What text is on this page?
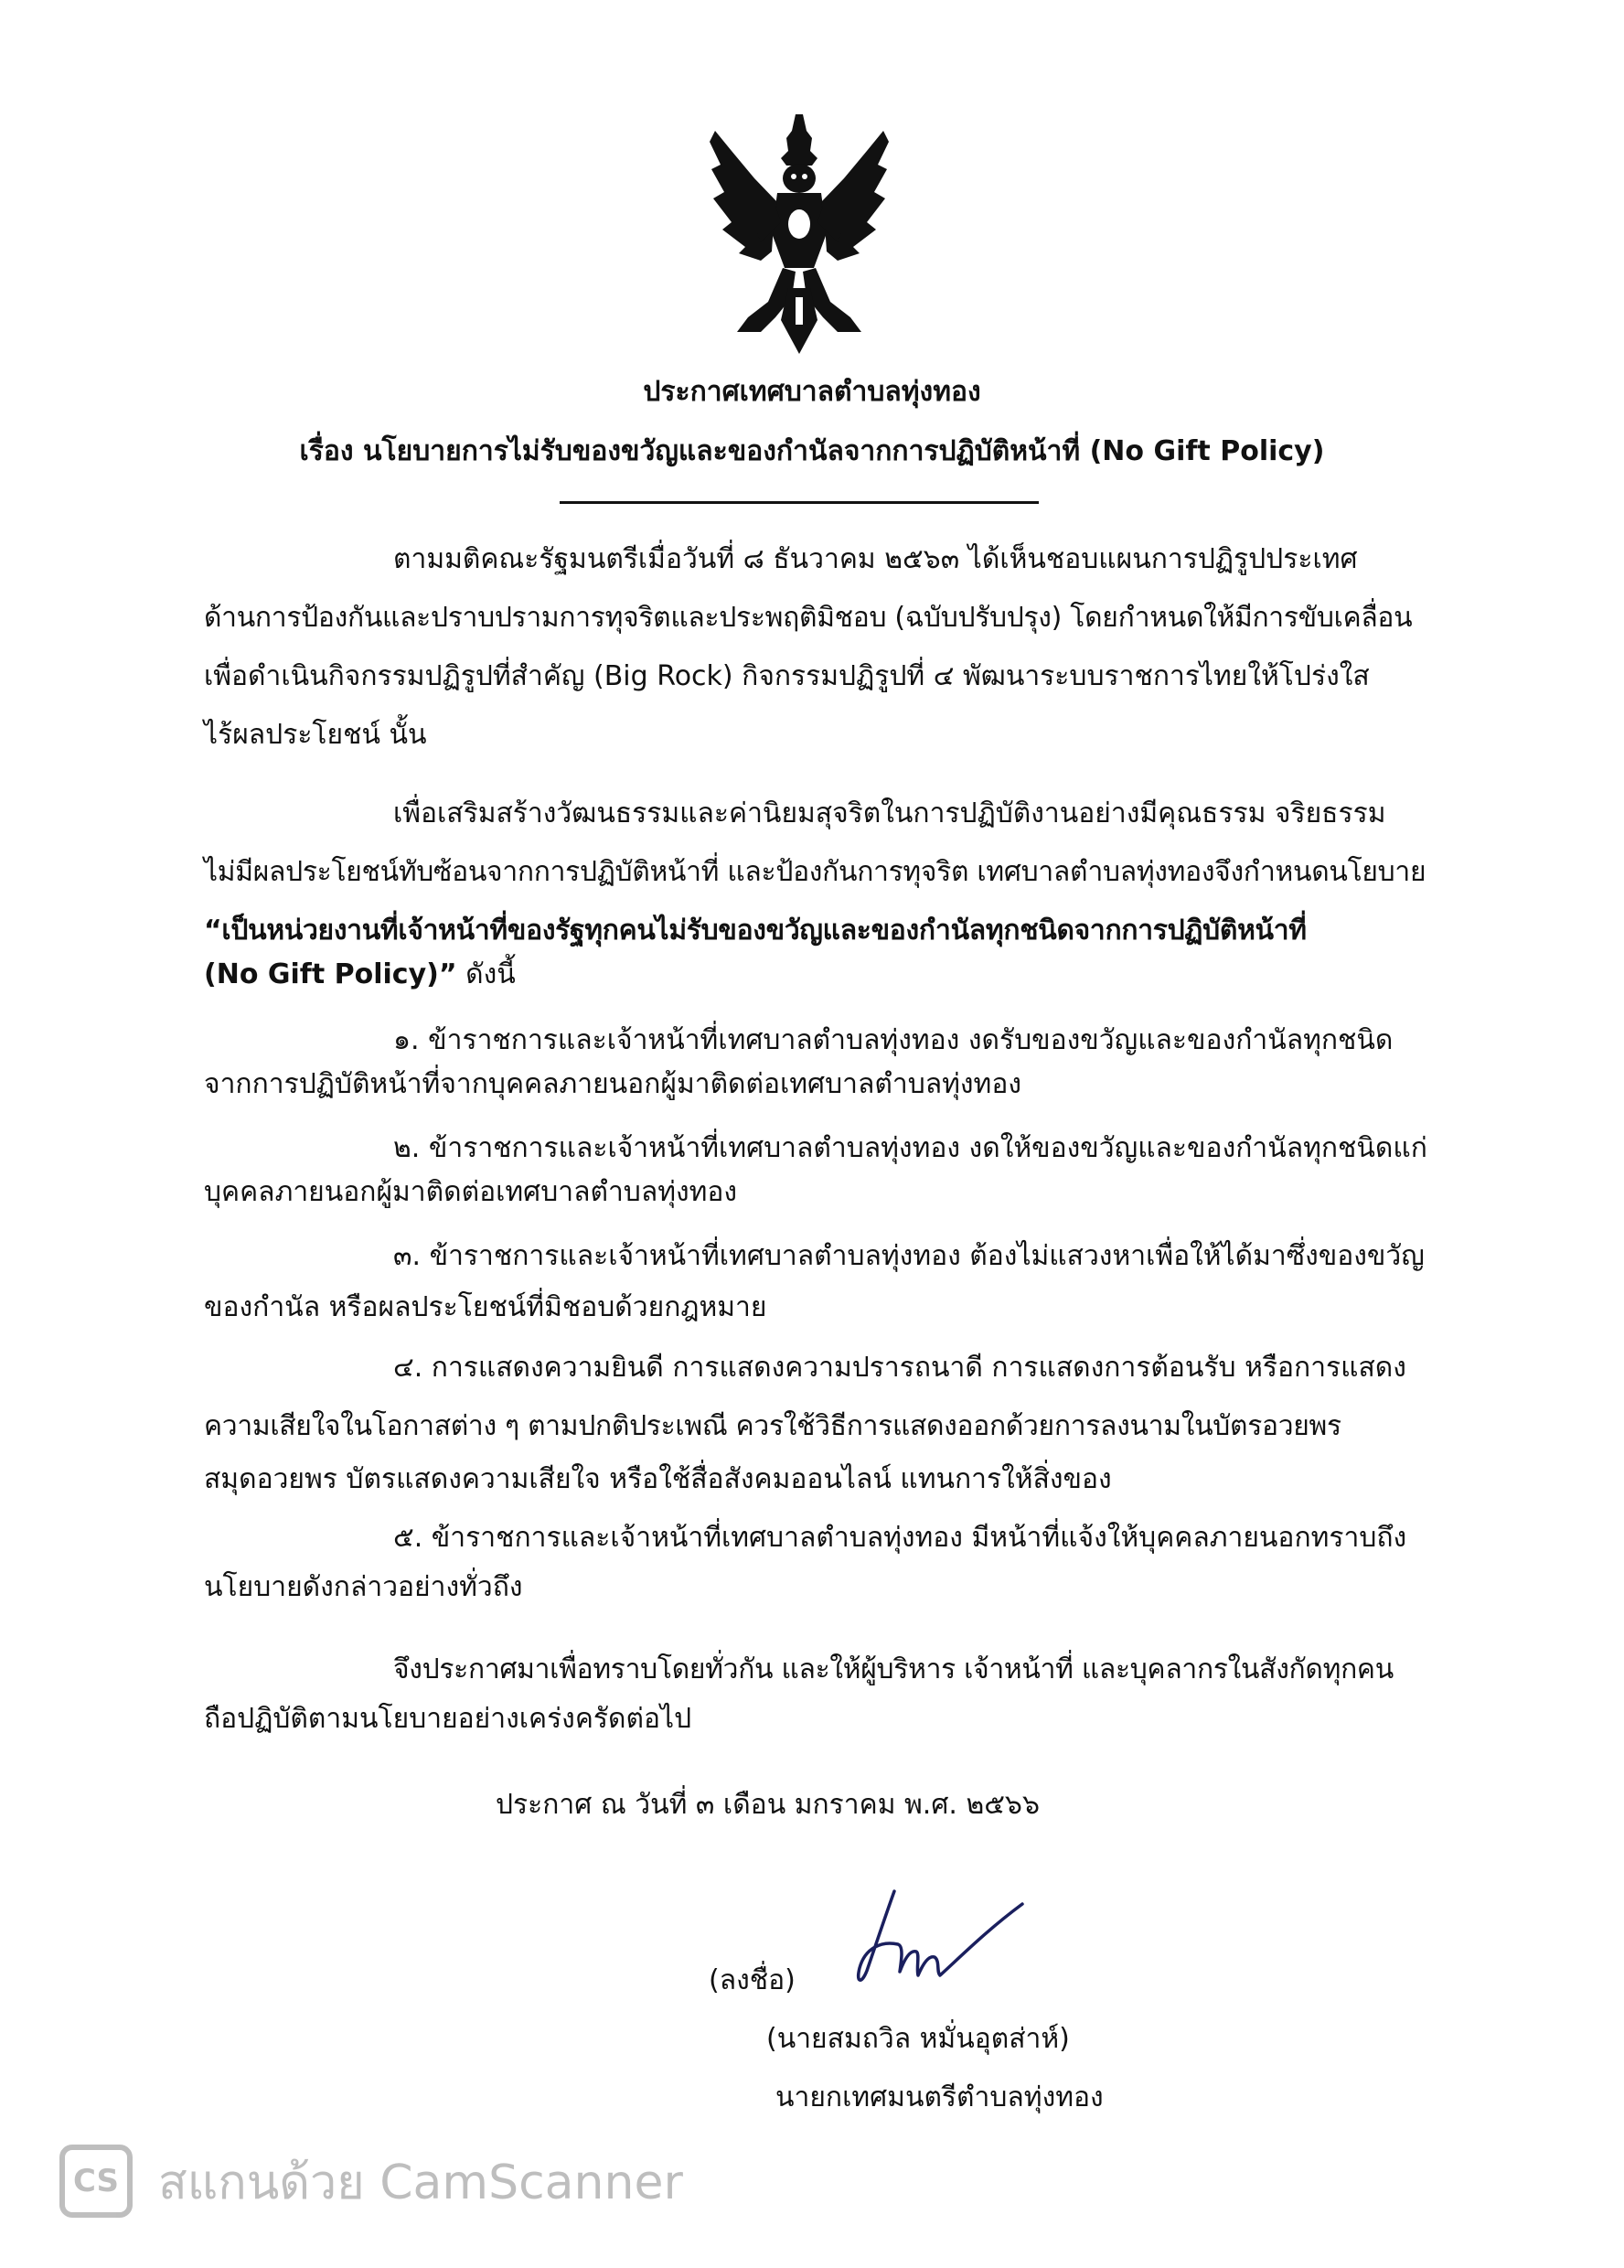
ประกาศเทศบาลตำบลทุ่งทอง
เรื่อง นโยบายการไม่รับของขวัญและของกำนัลจากการปฏิบัติหน้าที่ (No Gift Policy)
ตามมติคณะรัฐมนตรีเมื่อวันที่ ๘ ธันวาคม ๒๕๖๓ ได้เห็นชอบแผนการปฏิรูปประเทศ
ด้านการป้องกันและปราบปรามการทุจริตและประพฤติมิชอบ (ฉบับปรับปรุง) โดยกำหนดให้มีการขับเคลื่อน
เพื่อดำเนินกิจกรรมปฏิรูปที่สำคัญ (Big Rock) กิจกรรมปฏิรูปที่ ๔ พัฒนาระบบราชการไทยให้โปร่งใส
ไร้ผลประโยชน์ นั้น
เพื่อเสริมสร้างวัฒนธรรมและค่านิยมสุจริตในการปฏิบัติงานอย่างมีคุณธรรม จริยธรรม
ไม่มีผลประโยชน์ทับซ้อนจากการปฏิบัติหน้าที่ และป้องกันการทุจริต เทศบาลตำบลทุ่งทองจึงกำหนดนโยบาย
“เป็นหน่วยงานที่เจ้าหน้าที่ของรัฐทุกคนไม่รับของขวัญและของกำนัลทุกชนิดจากการปฏิบัติหน้าที่
(No Gift Policy)” ดังนี้
๑. ข้าราชการและเจ้าหน้าที่เทศบาลตำบลทุ่งทอง งดรับของขวัญและของกำนัลทุกชนิด
จากการปฏิบัติหน้าที่จากบุคคลภายนอกผู้มาติดต่อเทศบาลตำบลทุ่งทอง
๒. ข้าราชการและเจ้าหน้าที่เทศบาลตำบลทุ่งทอง งดให้ของขวัญและของกำนัลทุกชนิดแก่
บุคคลภายนอกผู้มาติดต่อเทศบาลตำบลทุ่งทอง
๓. ข้าราชการและเจ้าหน้าที่เทศบาลตำบลทุ่งทอง ต้องไม่แสวงหาเพื่อให้ได้มาซึ่งของขวัญ
ของกำนัล หรือผลประโยชน์ที่มิชอบด้วยกฎหมาย
๔. การแสดงความยินดี การแสดงความปรารถนาดี การแสดงการต้อนรับ หรือการแสดง
ความเสียใจในโอกาสต่าง ๆ ตามปกติประเพณี ควรใช้วิธีการแสดงออกด้วยการลงนามในบัตรอวยพร
สมุดอวยพร บัตรแสดงความเสียใจ หรือใช้สื่อสังคมออนไลน์ แทนการให้สิ่งของ
๕. ข้าราชการและเจ้าหน้าที่เทศบาลตำบลทุ่งทอง มีหน้าที่แจ้งให้บุคคลภายนอกทราบถึง
นโยบายดังกล่าวอย่างทั่วถึง
จึงประกาศมาเพื่อทราบโดยทั่วกัน และให้ผู้บริหาร เจ้าหน้าที่ และบุคลากรในสังกัดทุกคน
ถือปฏิบัติตามนโยบายอย่างเคร่งครัดต่อไป
ประกาศ ณ วันที่ ๓ เดือน มกราคม พ.ศ. ๒๕๖๖
(ลงชื่อ)
(นายสมถวิล หมั่นอุตส่าห์)
นายกเทศมนตรีตำบลทุ่งทอง
CS สแกนด้วย CamScanner
